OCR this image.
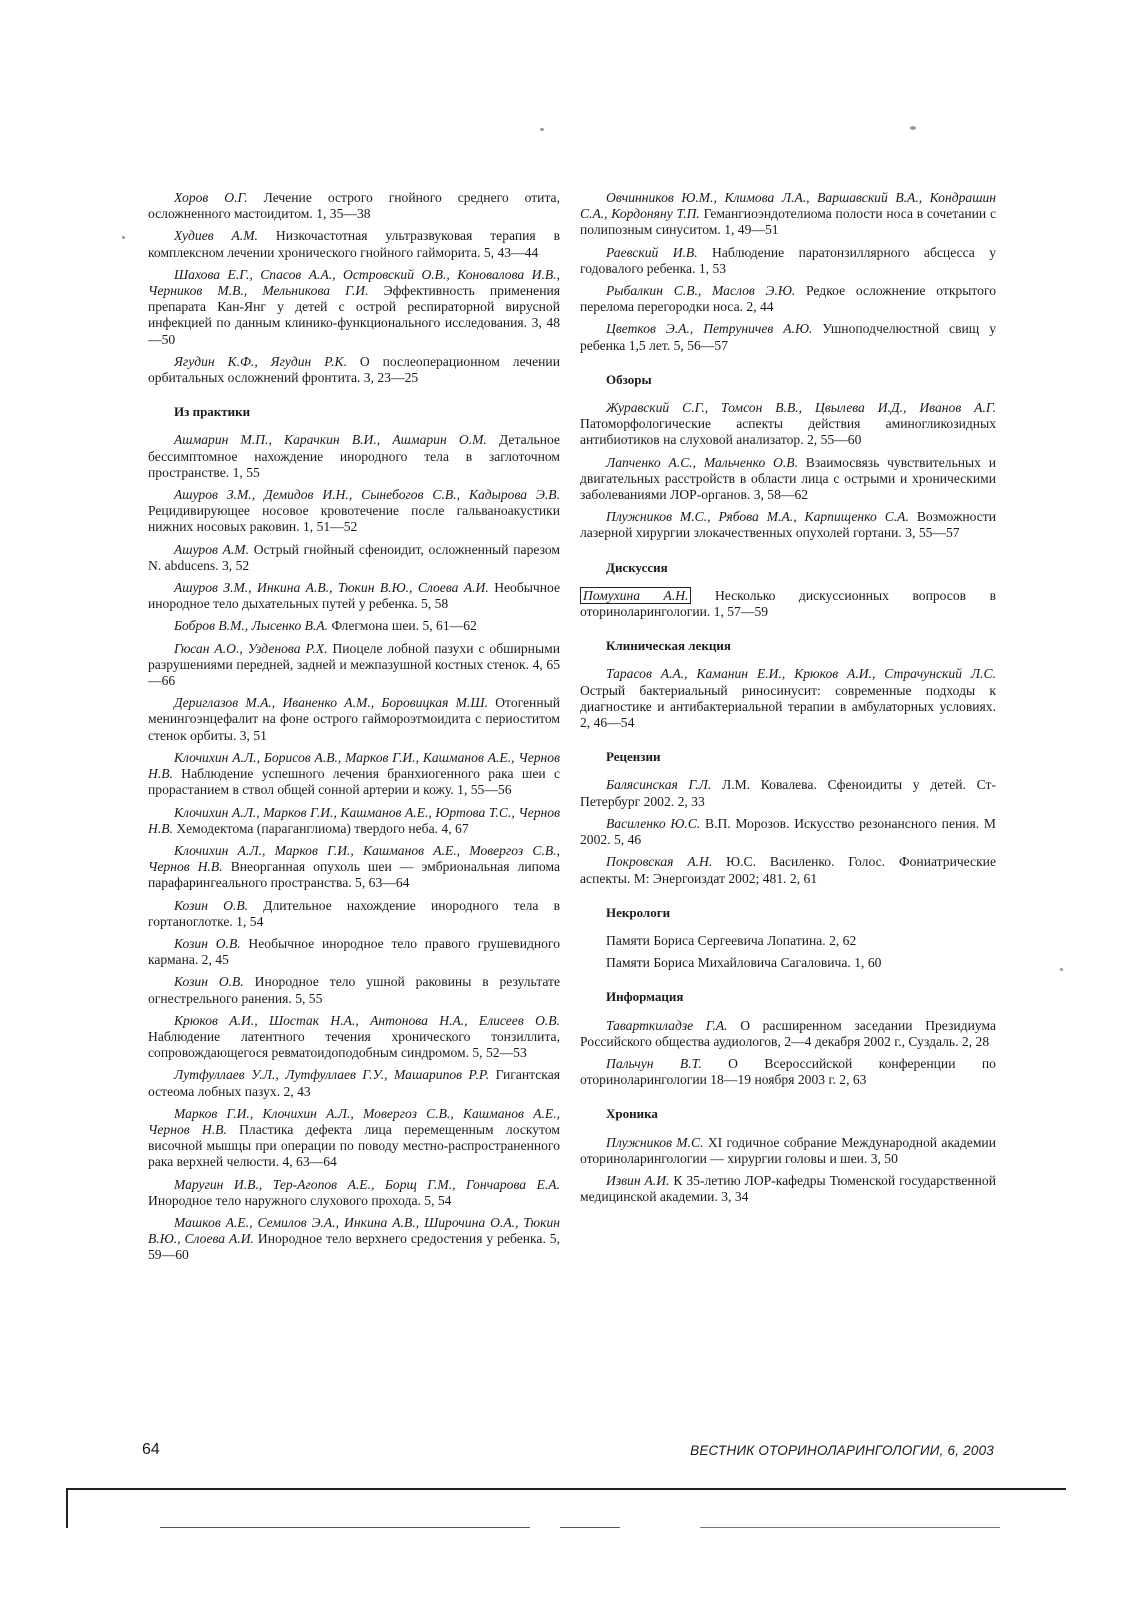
Хоров О.Г. Лечение острого гнойного среднего отита, осложненного мастоидитом. 1, 35—38

Худиев А.М. Низкочастотная ультразвуковая терапия в комплексном лечении хронического гнойного гайморита. 5, 43—44

Шахова Е.Г., Спасов А.А., Островский О.В., Коновалова И.В., Черников М.В., Мельникова Г.И. Эффективность применения препарата Кан-Янг у детей с острой респираторной вирусной инфекцией по данным клинико-функционального исследования. 3, 48—50

Ягудин К.Ф., Ягудин Р.К. О послеоперационном лечении орбитальных осложнений фронтита. 3, 23—25

Из практики

Ашмарин М.П., Карачкин В.И., Ашмарин О.М. Детальное бессимптомное нахождение инородного тела в заглоточном пространстве. 1, 55

Ашуров З.М., Демидов И.Н., Сынебогов С.В., Кадырова Э.В. Рецидивирующее носовое кровотечение после гальваноакустики нижних носовых раковин. 1, 51—52

Ашуров А.М. Острый гнойный сфеноидит, осложненный парезом N. abducens. 3, 52

Ашуров З.М., Инкина А.В., Тюкин В.Ю., Слоева А.И. Необычное инородное тело дыхательных путей у ребенка. 5, 58

Бобров В.М., Лысенко В.А. Флегмона шеи. 5, 61—62

Гюсан А.О., Узденова Р.Х. Пиоцеле лобной пазухи с обширными разрушениями передней, задней и межпазушной костных стенок. 4, 65—66

Дериглазов М.А., Иваненко А.М., Боровицкая М.Ш. Отогенный менингоэнцефалит на фоне острого гайморoэтмоидита с периоститом стенок орбиты. 3, 51

Клочихин А.Л., Борисов А.В., Марков Г.И., Кашманов А.Е., Чернов Н.В. Наблюдение успешного лечения бранхиогенного рака шеи с прорастанием в ствол общей сонной артерии и кожу. 1, 55—56

Клочихин А.Л., Марков Г.И., Кашманов А.Е., Юртова Т.С., Чернов Н.В. Хемодектома (параганглиома) твердого неба. 4, 67

Клочихин А.Л., Марков Г.И., Кашманов А.Е., Мовергоз С.В., Чернов Н.В. Внеорганная опухоль шеи — эмбриональная липома парафарингеального пространства. 5, 63—64

Козин О.В. Длительное нахождение инородного тела в гортаноглотке. 1, 54

Козин О.В. Необычное инородное тело правого грушевидного кармана. 2, 45

Козин О.В. Инородное тело ушной раковины в результате огнестрельного ранения. 5, 55

Крюков А.И., Шостак Н.А., Антонова Н.А., Елисеев О.В. Наблюдение латентного течения хронического тонзиллита, сопровождающегося ревматоидоподобным синдромом. 5, 52—53

Лутфуллаев У.Л., Лутфуллаев Г.У., Машарипов Р.Р. Гигантская остеома лобных пазух. 2, 43

Марков Г.И., Клочихин А.Л., Мовергоз С.В., Кашманов А.Е., Чернов Н.В. Пластика дефекта лица перемещенным лоскутом височной мышцы при операции по поводу местно-распространенного рака верхней челюсти. 4, 63—64

Маругин И.В., Тер-Агопов А.Е., Борщ Г.М., Гончарова Е.А. Инородное тело наружного слухового прохода. 5, 54

Машков А.Е., Семилов Э.А., Инкина А.В., Широчина О.А., Тюкин В.Ю., Слоева А.И. Инородное тело верхнего средостения у ребенка. 5, 59—60

Овчинников Ю.М., Климова Л.А., Варшавский В.А., Кондрашин С.А., Кордоняну Т.П. Гемангиоэндотелиома полости носа в сочетании с полипозным синуситом. 1, 49—51

Раевский И.В. Наблюдение паратонзиллярного абсцесса у годовалого ребенка. 1, 53

Рыбалкин С.В., Маслов Э.Ю. Редкое осложнение открытого перелома перегородки носа. 2, 44

Цветков Э.А., Петруничев А.Ю. Ушноподчелюстной свищ у ребенка 1,5 лет. 5, 56—57

Обзоры

Журавский С.Г., Томсон В.В., Цвылева И.Д., Иванов А.Г. Патоморфологические аспекты действия аминогликозидных антибиотиков на слуховой анализатор. 2, 55—60

Лапченко А.С., Мальченко О.В. Взаимосвязь чувствительных и двигательных расстройств в области лица с острыми и хроническими заболеваниями ЛОР-органов. 3, 58—62

Плужников М.С., Рябова М.А., Карпищенко С.А. Возможности лазерной хирургии злокачественных опухолей гортани. 3, 55—57

Дискуссия

Помухина А.Н. Несколько дискуссионных вопросов в оториноларингологии. 1, 57—59

Клиническая лекция

Тарасов А.А., Каманин Е.И., Крюков А.И., Страчунский Л.С. Острый бактериальный риносинусит: современные подходы к диагностике и антибактериальной терапии в амбулаторных условиях. 2, 46—54

Рецензии

Балясинская Г.Л. Л.М. Ковалева. Сфеноидиты у детей. Ст-Петербург 2002. 2, 33

Василенко Ю.С. В.П. Морозов. Искусство резонансного пения. М 2002. 5, 46

Покровская А.Н. Ю.С. Василенко. Голос. Фониатрические аспекты. М: Энергоиздат 2002; 481. 2, 61

Некрологи

Памяти Бориса Сергеевича Лопатина. 2, 62

Памяти Бориса Михайловича Сагаловича. 1, 60

Информация

Таварткиладзе Г.А. О расширенном заседании Президиума Российского общества аудиологов, 2—4 декабря 2002 г., Суздаль. 2, 28

Пальчун В.Т. О Всероссийской конференции по оториноларингологии 18—19 ноября 2003 г. 2, 63

Хроника

Плужников М.С. XI годичное собрание Международной академии оториноларингологии — хирургии головы и шеи. 3, 50

Извин А.И. К 35-летию ЛОР-кафедры Тюменской государственной медицинской академии. 3, 34

64	ВЕСТНИК ОТОРИНОЛАРИНГОЛОГИИ, 6, 2003
